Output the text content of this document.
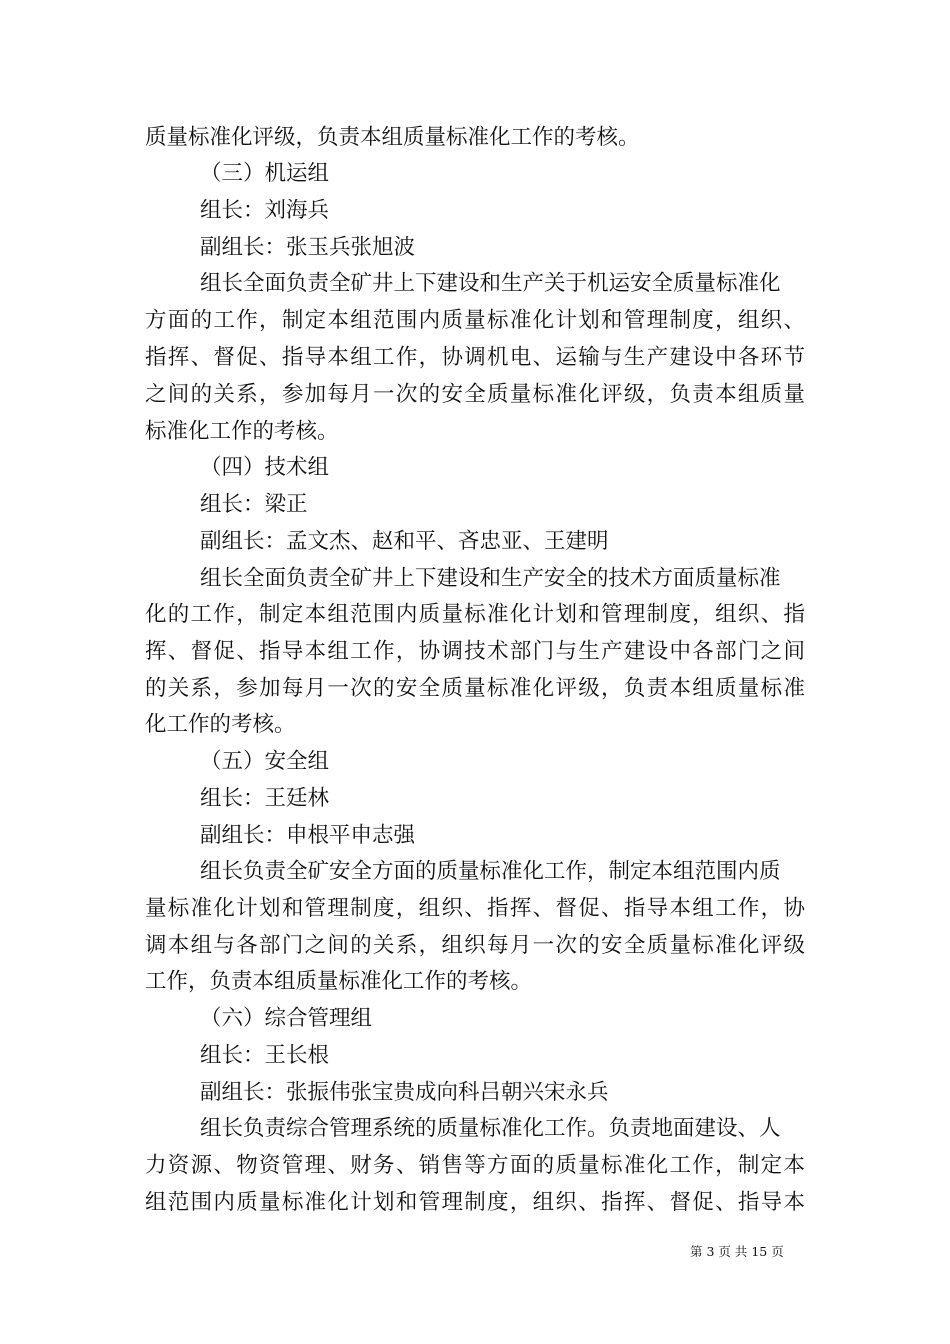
质量标准化评级，负责本组质量标准化工作的考核。
（三）机运组
组长：刘海兵
副组长：张玉兵张旭波
组长全面负责全矿井上下建设和生产关于机运安全质量标准化
方面的工作，制定本组范围内质量标准化计划和管理制度，组织、
指挥、督促、指导本组工作，协调机电、运输与生产建设中各环节
之间的关系，参加每月一次的安全质量标准化评级，负责本组质量
标准化工作的考核。
（四）技术组
组长：梁正
副组长：孟文杰、赵和平、吝忠亚、王建明
组长全面负责全矿井上下建设和生产安全的技术方面质量标准
化的工作，制定本组范围内质量标准化计划和管理制度，组织、指
挥、督促、指导本组工作，协调技术部门与生产建设中各部门之间
的关系，参加每月一次的安全质量标准化评级，负责本组质量标准
化工作的考核。
（五）安全组
组长：王廷林
副组长：申根平申志强
组长负责全矿安全方面的质量标准化工作，制定本组范围内质
量标准化计划和管理制度，组织、指挥、督促、指导本组工作，协
调本组与各部门之间的关系，组织每月一次的安全质量标准化评级
工作，负责本组质量标准化工作的考核。
（六）综合管理组
组长：王长根
副组长：张振伟张宝贵成向科吕朝兴宋永兵
组长负责综合管理系统的质量标准化工作。负责地面建设、人
力资源、物资管理、财务、销售等方面的质量标准化工作，制定本
组范围内质量标准化计划和管理制度，组织、指挥、督促、指导本
第 3 页 共 15 页
